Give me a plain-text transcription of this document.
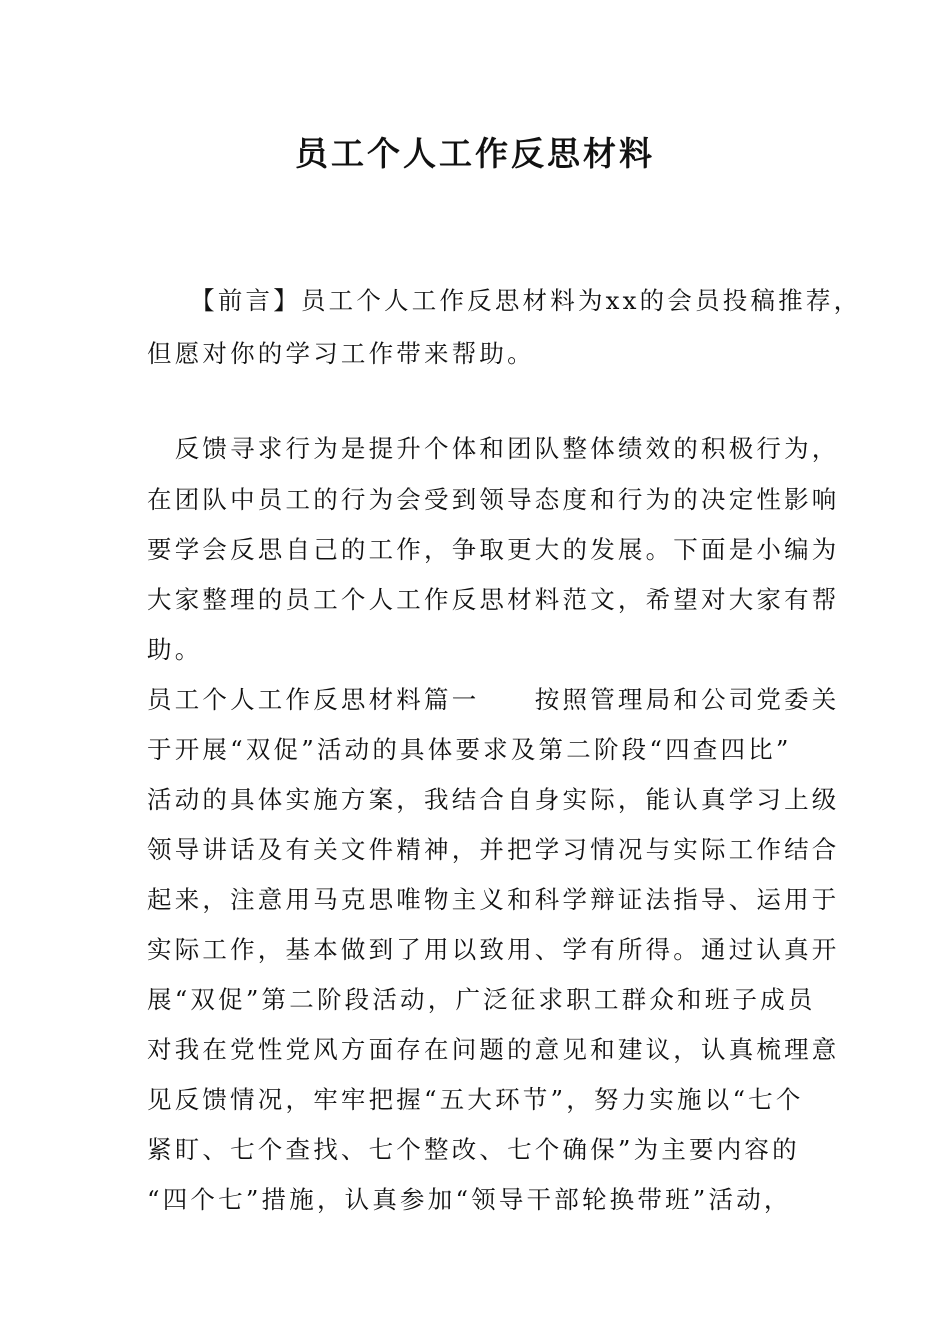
员工个人工作反思材料
　　【前言】员工个人工作反思材料为xx的会员投稿推荐，
但愿对你的学习工作带来帮助。
　反馈寻求行为是提升个体和团队整体绩效的积极行为，
在团队中员工的行为会受到领导态度和行为的决定性影响
要学会反思自己的工作，争取更大的发展。下面是小编为
大家整理的员工个人工作反思材料范文，希望对大家有帮
助。
员工个人工作反思材料篇一　　按照管理局和公司党委关
于开展“双促”活动的具体要求及第二阶段“四查四比”
活动的具体实施方案，我结合自身实际，能认真学习上级
领导讲话及有关文件精神，并把学习情况与实际工作结合
起来，注意用马克思唯物主义和科学辩证法指导、运用于
实际工作，基本做到了用以致用、学有所得。通过认真开
展“双促”第二阶段活动，广泛征求职工群众和班子成员
对我在党性党风方面存在问题的意见和建议，认真梳理意
见反馈情况，牢牢把握“五大环节”，努力实施以“七个
紧盯、七个查找、七个整改、七个确保”为主要内容的
“四个七”措施，认真参加“领导干部轮换带班”活动，
